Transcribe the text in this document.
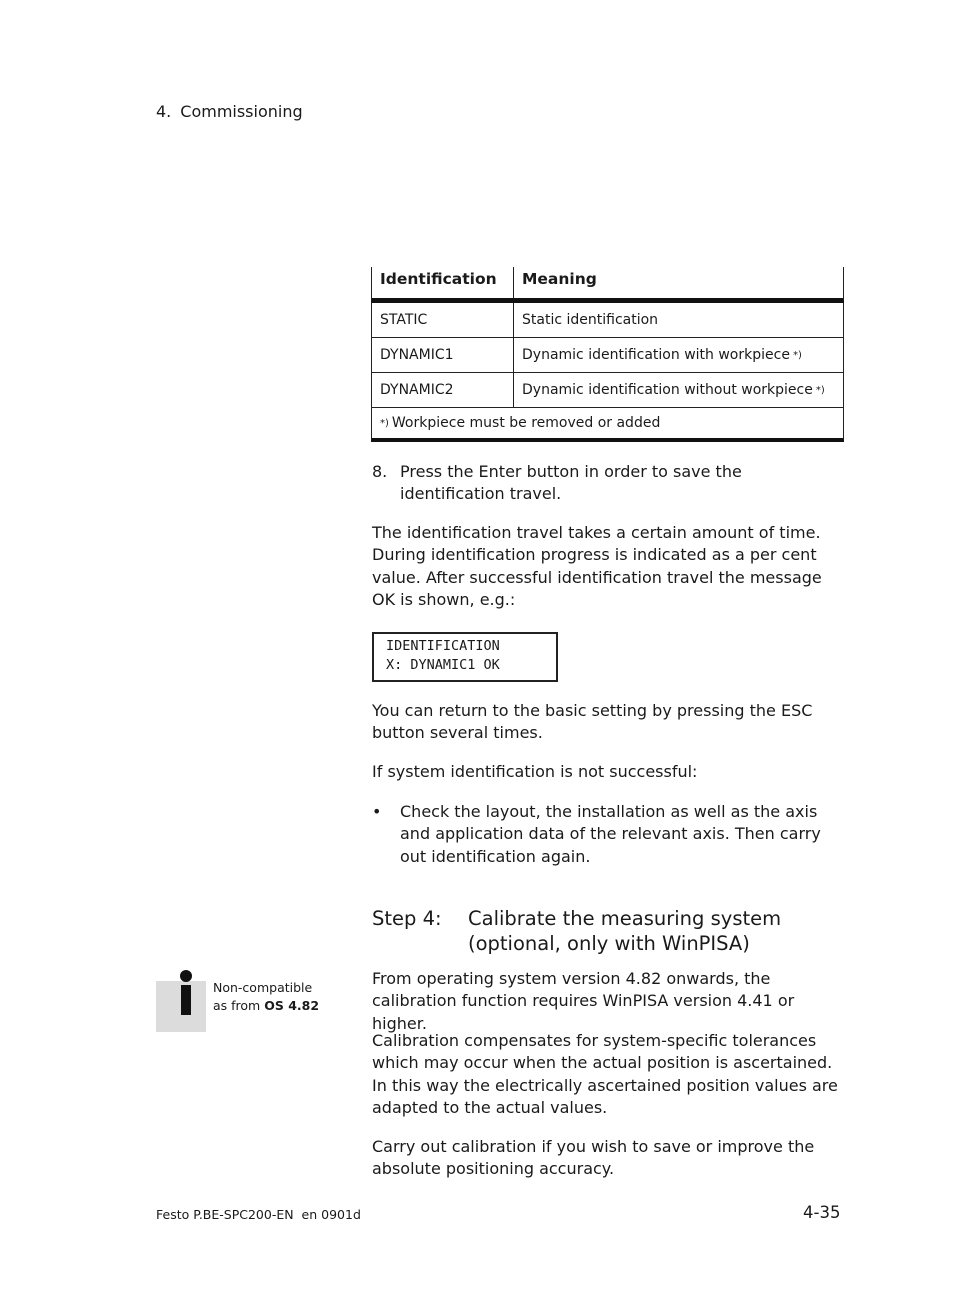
4. Commissioning
Identification	Meaning
STATIC	Static identification
DYNAMIC1	Dynamic identification with workpiece *)
DYNAMIC2	Dynamic identification without workpiece *)
*) Workpiece must be removed or added
8. Press the Enter button in order to save the identification travel.
The identification travel takes a certain amount of time. During identification progress is indicated as a per cent value. After successful identification travel the message OK is shown, e.g.:
IDENTIFICATION
X: DYNAMIC1 OK
You can return to the basic setting by pressing the ESC button several times.
If system identification is not successful:
•	Check the layout, the installation as well as the axis and application data of the relevant axis. Then carry out identification again.
Step 4:	Calibrate the measuring system
(optional, only with WinPISA)
Non-compatible
as from OS 4.82
From operating system version 4.82 onwards, the calibration function requires WinPISA version 4.41 or higher.
Calibration compensates for system-specific tolerances which may occur when the actual position is ascertained.
In this way the electrically ascertained position values are adapted to the actual values.
Carry out calibration if you wish to save or improve the absolute positioning accuracy.
Festo P.BE-SPC200-EN  en 0901d	4-35
